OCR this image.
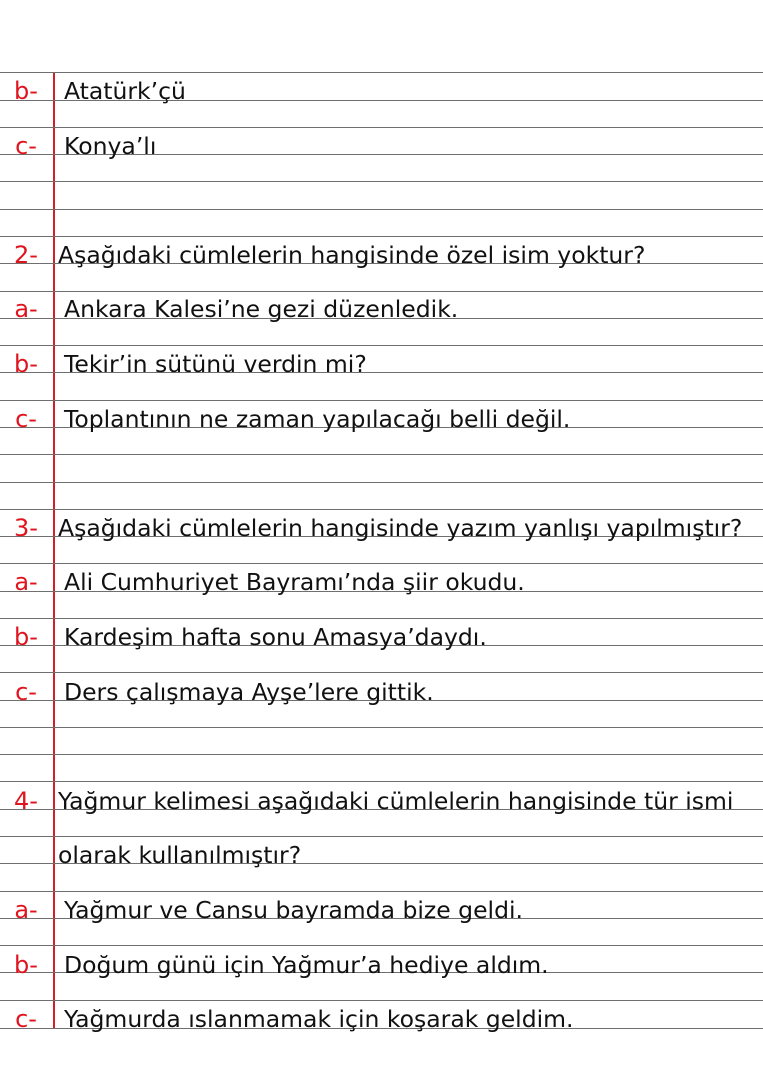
b-	Atatürk’çü
c-	Konya’lı
2- Aşağıdaki cümlelerin hangisinde özel isim yoktur?
a-	Ankara Kalesi’ne gezi düzenledik.
b-	Tekir’in sütünü verdin mi?
c-	Toplantının ne zaman yapılacağı belli değil.
3- Aşağıdaki cümlelerin hangisinde yazım yanlışı yapılmıştır?
a-	Ali Cumhuriyet Bayramı’nda şiir okudu.
b-	Kardeşim hafta sonu Amasya’daydı.
c-	Ders çalışmaya Ayşe’lere gittik.
4- Yağmur kelimesi aşağıdaki cümlelerin hangisinde tür ismi
olarak kullanılmıştır?
a-	Yağmur ve Cansu bayramda bize geldi.
b-	Doğum günü için Yağmur’a hediye aldım.
c-	Yağmurda ıslanmamak için koşarak geldim.
